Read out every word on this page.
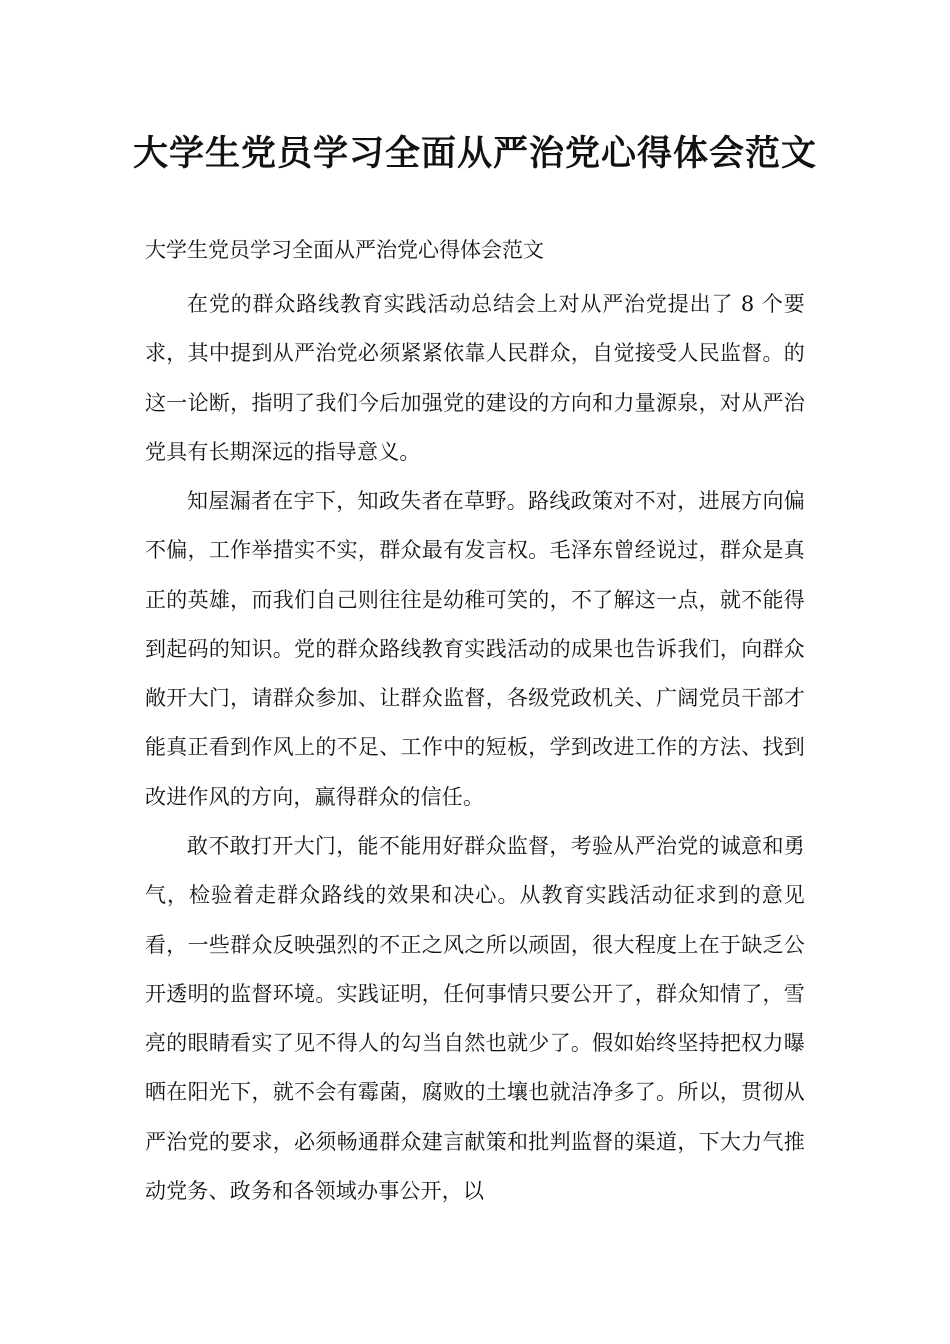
大学生党员学习全面从严治党心得体会范文

大学生党员学习全面从严治党心得体会范文

在党的群众路线教育实践活动总结会上对从严治党提出了 8 个要求，其中提到从严治党必须紧紧依靠人民群众，自觉接受人民监督。的这一论断，指明了我们今后加强党的建设的方向和力量源泉，对从严治党具有长期深远的指导意义。

知屋漏者在宇下，知政失者在草野。路线政策对不对，进展方向偏不偏，工作举措实不实，群众最有发言权。毛泽东曾经说过，群众是真正的英雄，而我们自己则往往是幼稚可笑的，不了解这一点，就不能得到起码的知识。党的群众路线教育实践活动的成果也告诉我们，向群众敞开大门，请群众参加、让群众监督，各级党政机关、广阔党员干部才能真正看到作风上的不足、工作中的短板，学到改进工作的方法、找到改进作风的方向，赢得群众的信任。

敢不敢打开大门，能不能用好群众监督，考验从严治党的诚意和勇气，检验着走群众路线的效果和决心。从教育实践活动征求到的意见看，一些群众反映强烈的不正之风之所以顽固，很大程度上在于缺乏公开透明的监督环境。实践证明，任何事情只要公开了，群众知情了，雪亮的眼睛看实了见不得人的勾当自然也就少了。假如始终坚持把权力曝晒在阳光下，就不会有霉菌，腐败的土壤也就洁净多了。所以，贯彻从严治党的要求，必须畅通群众建言献策和批判监督的渠道，下大力气推动党务、政务和各领域办事公开，以
